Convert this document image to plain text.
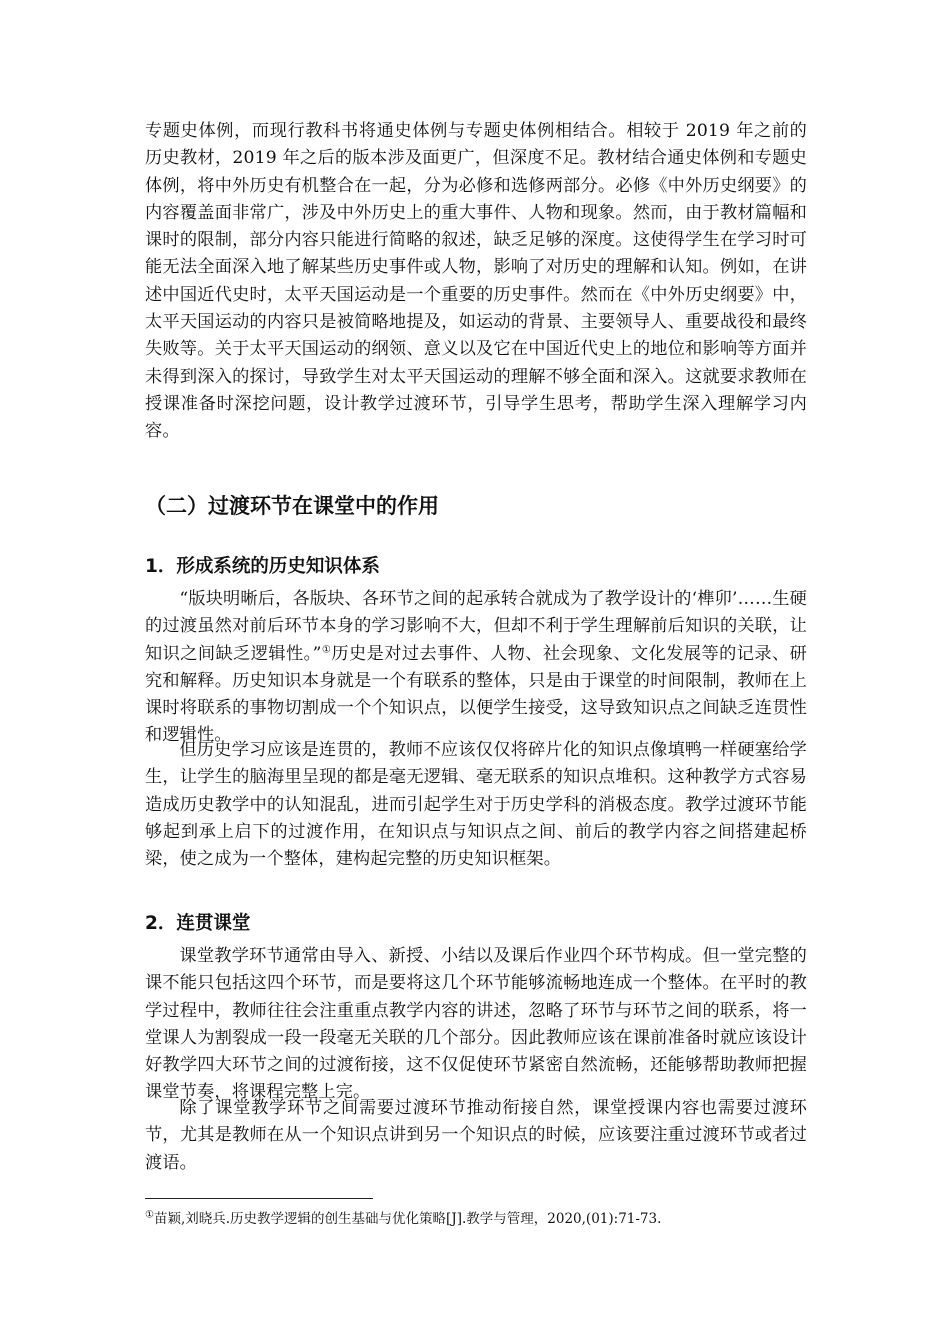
专题史体例，而现行教科书将通史体例与专题史体例相结合。相较于 2019 年之前的历史教材，2019 年之后的版本涉及面更广，但深度不足。教材结合通史体例和专题史体例，将中外历史有机整合在一起，分为必修和选修两部分。必修《中外历史纲要》的内容覆盖面非常广，涉及中外历史上的重大事件、人物和现象。然而，由于教材篇幅和课时的限制，部分内容只能进行简略的叙述，缺乏足够的深度。这使得学生在学习时可能无法全面深入地了解某些历史事件或人物，影响了对历史的理解和认知。例如，在讲述中国近代史时，太平天国运动是一个重要的历史事件。然而在《中外历史纲要》中，太平天国运动的内容只是被简略地提及，如运动的背景、主要领导人、重要战役和最终失败等。关于太平天国运动的纲领、意义以及它在中国近代史上的地位和影响等方面并未得到深入的探讨，导致学生对太平天国运动的理解不够全面和深入。这就要求教师在授课准备时深挖问题，设计教学过渡环节，引导学生思考，帮助学生深入理解学习内容。

（二）过渡环节在课堂中的作用
1．形成系统的历史知识体系

“版块明晰后，各版块、各环节之间的起承转合就成为了教学设计的‘榫卯’……生硬的过渡虽然对前后环节本身的学习影响不大，但却不利于学生理解前后知识的关联，让知识之间缺乏逻辑性。”①历史是对过去事件、人物、社会现象、文化发展等的记录、研究和解释。历史知识本身就是一个有联系的整体，只是由于课堂的时间限制，教师在上课时将联系的事物切割成一个个知识点，以便学生接受，这导致知识点之间缺乏连贯性和逻辑性。

但历史学习应该是连贯的，教师不应该仅仅将碎片化的知识点像填鸭一样硬塞给学生，让学生的脑海里呈现的都是毫无逻辑、毫无联系的知识点堆积。这种教学方式容易造成历史教学中的认知混乱，进而引起学生对于历史学科的消极态度。教学过渡环节能够起到承上启下的过渡作用，在知识点与知识点之间、前后的教学内容之间搭建起桥梁，使之成为一个整体，建构起完整的历史知识框架。

2．连贯课堂

课堂教学环节通常由导入、新授、小结以及课后作业四个环节构成。但一堂完整的课不能只包括这四个环节，而是要将这几个环节能够流畅地连成一个整体。在平时的教学过程中，教师往往会注重重点教学内容的讲述，忽略了环节与环节之间的联系，将一堂课人为割裂成一段一段毫无关联的几个部分。因此教师应该在课前准备时就应该设计好教学四大环节之间的过渡衔接，这不仅促使环节紧密自然流畅，还能够帮助教师把握课堂节奏，将课程完整上完。

除了课堂教学环节之间需要过渡环节推动衔接自然，课堂授课内容也需要过渡环节，尤其是教师在从一个知识点讲到另一个知识点的时候，应该要注重过渡环节或者过渡语。

①苗颖,刘晓兵.历史教学逻辑的创生基础与优化策略[J].教学与管理，2020,(01):71-73.
